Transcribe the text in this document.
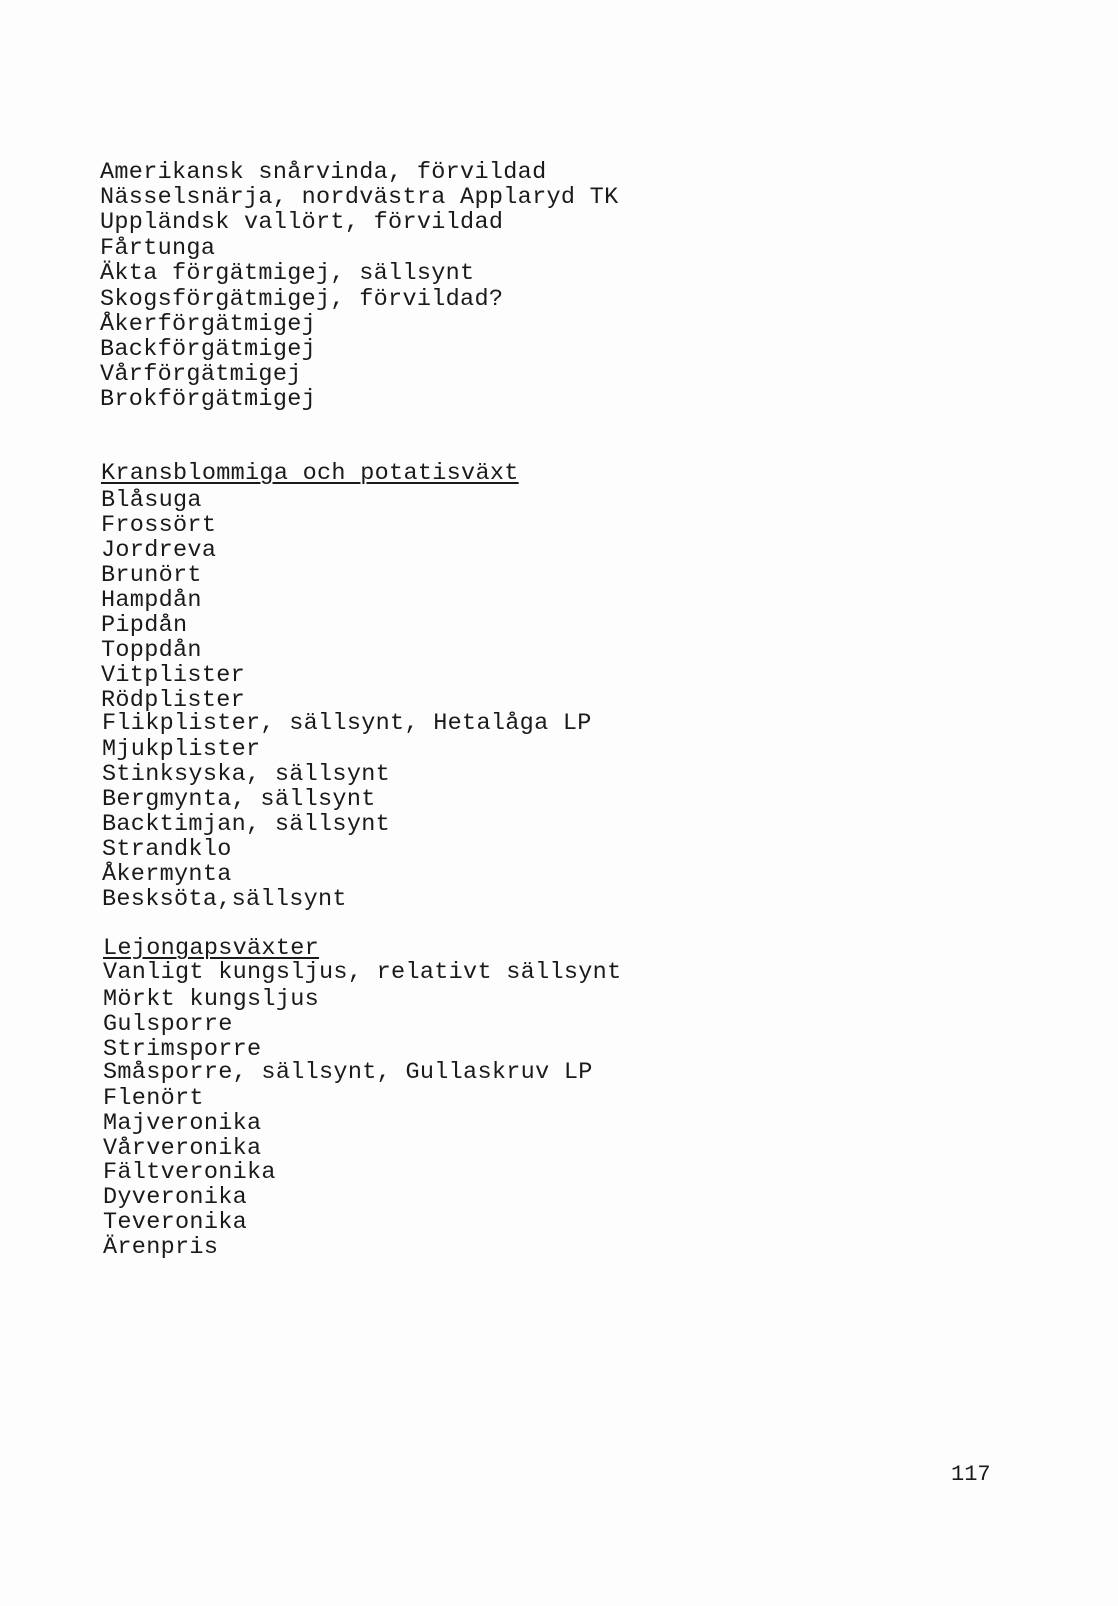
Amerikansk snårvinda, förvildad
Nässelsnärja, nordvästra Applaryd TK
Uppländsk vallört, förvildad
Fårtunga
Äkta förgätmigej, sällsynt
Skogsförgätmigej, förvildad?
Åkerförgätmigej
Backförgätmigej
Vårförgätmigej
Brokförgätmigej
Kransblommiga och potatisväxt
Blåsuga
Frossört
Jordreva
Brunört
Hampdån
Pipdån
Toppdån
Vitplister
Rödplister
Flikplister, sällsynt, Hetalåga LP
Mjukplister
Stinksyska, sällsynt
Bergmynta, sällsynt
Backtimjan, sällsynt
Strandklo
Åkermynta
Besksöta,sällsynt
Lejongapsväxter
Vanligt kungsljus, relativt sällsynt
Mörkt kungsljus
Gulsporre
Strimsporre
Småsporre, sällsynt, Gullaskruv LP
Flenört
Majveronika
Vårveronika
Fältveronika
Dyveronika
Teveronika
Ärenpris
117
